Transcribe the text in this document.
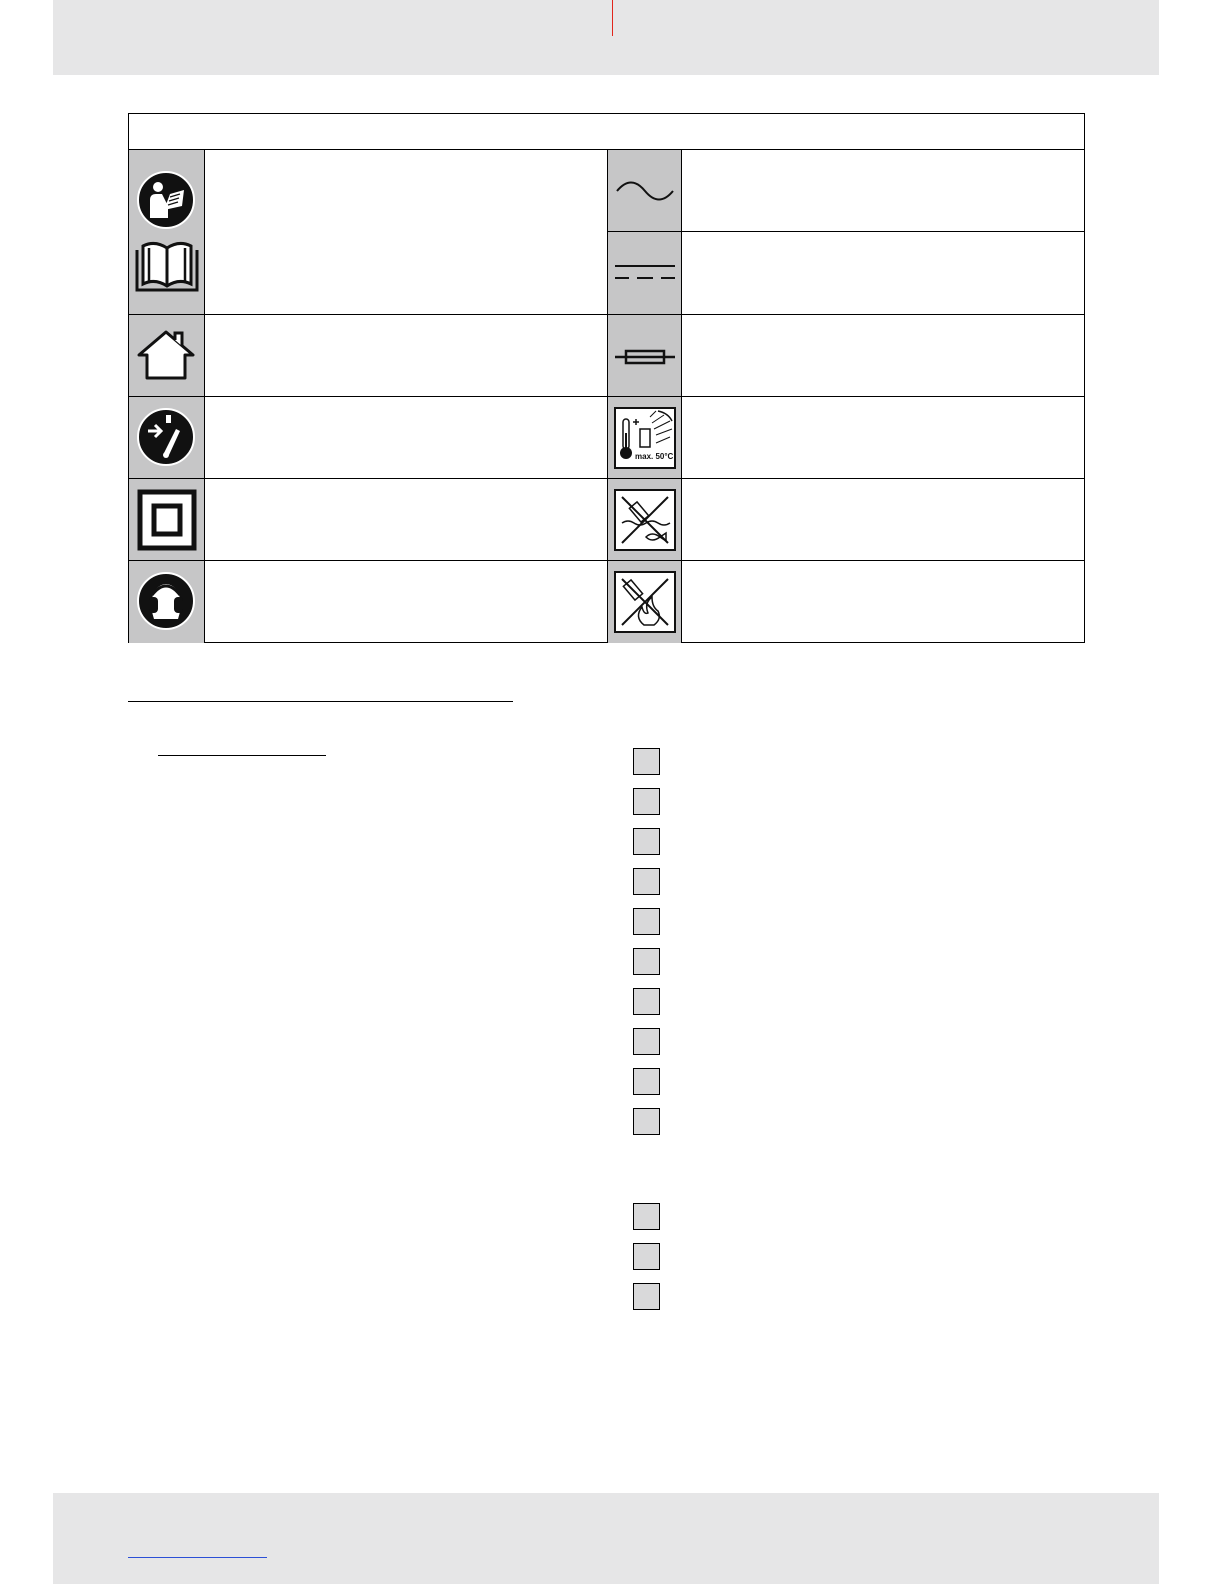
max. 50°C
